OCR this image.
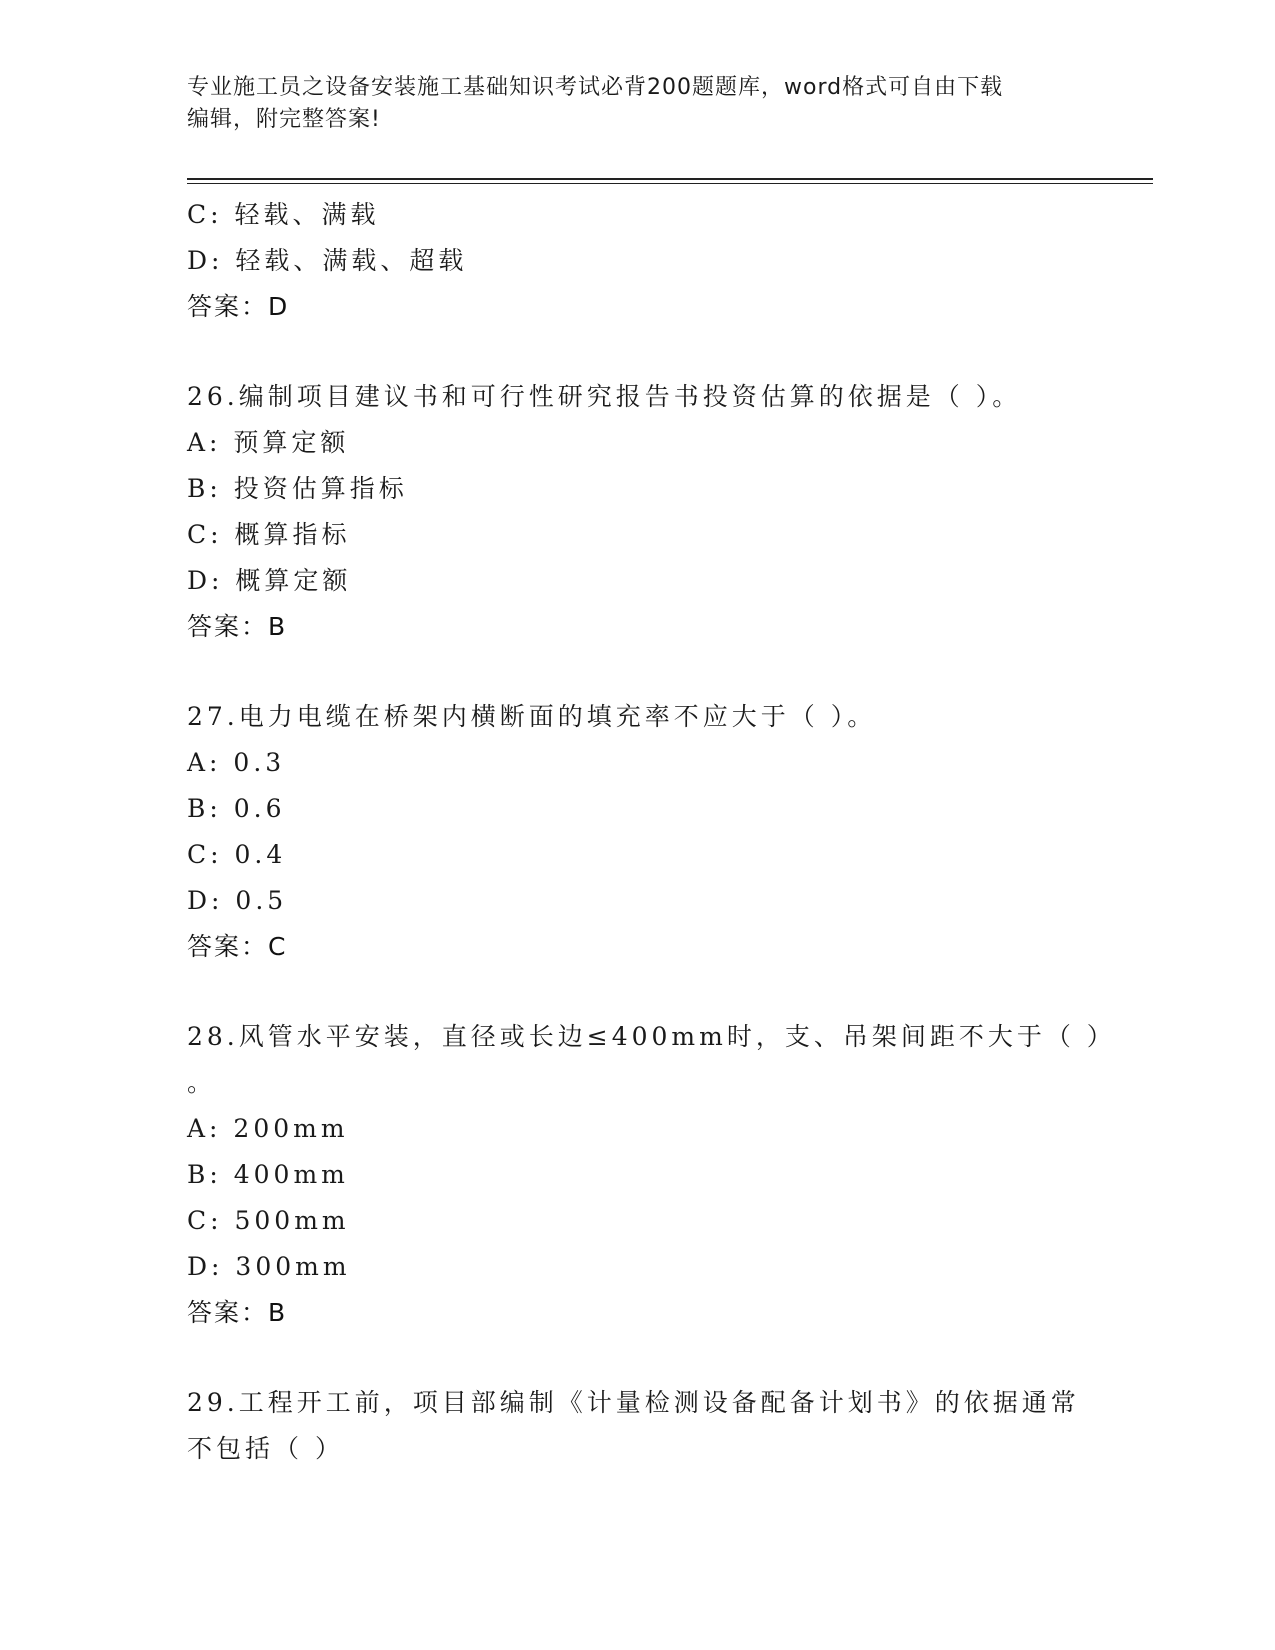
专业施工员之设备安装施工基础知识考试必背200题题库，word格式可自由下载
编辑，附完整答案!
C: 轻载、满载
D: 轻载、满载、超载
答案：D
26.编制项目建议书和可行性研究报告书投资估算的依据是（ ）。
A: 预算定额
B: 投资估算指标
C: 概算指标
D: 概算定额
答案：B
27.电力电缆在桥架内横断面的填充率不应大于（ ）。
A: 0.3
B: 0.6
C: 0.4
D: 0.5
答案：C
28.风管水平安装，直径或长边≤400mm时，支、吊架间距不大于（ ）
。
A: 200mm
B: 400mm
C: 500mm
D: 300mm
答案：B
29.工程开工前，项目部编制《计量检测设备配备计划书》的依据通常
不包括（ ）
